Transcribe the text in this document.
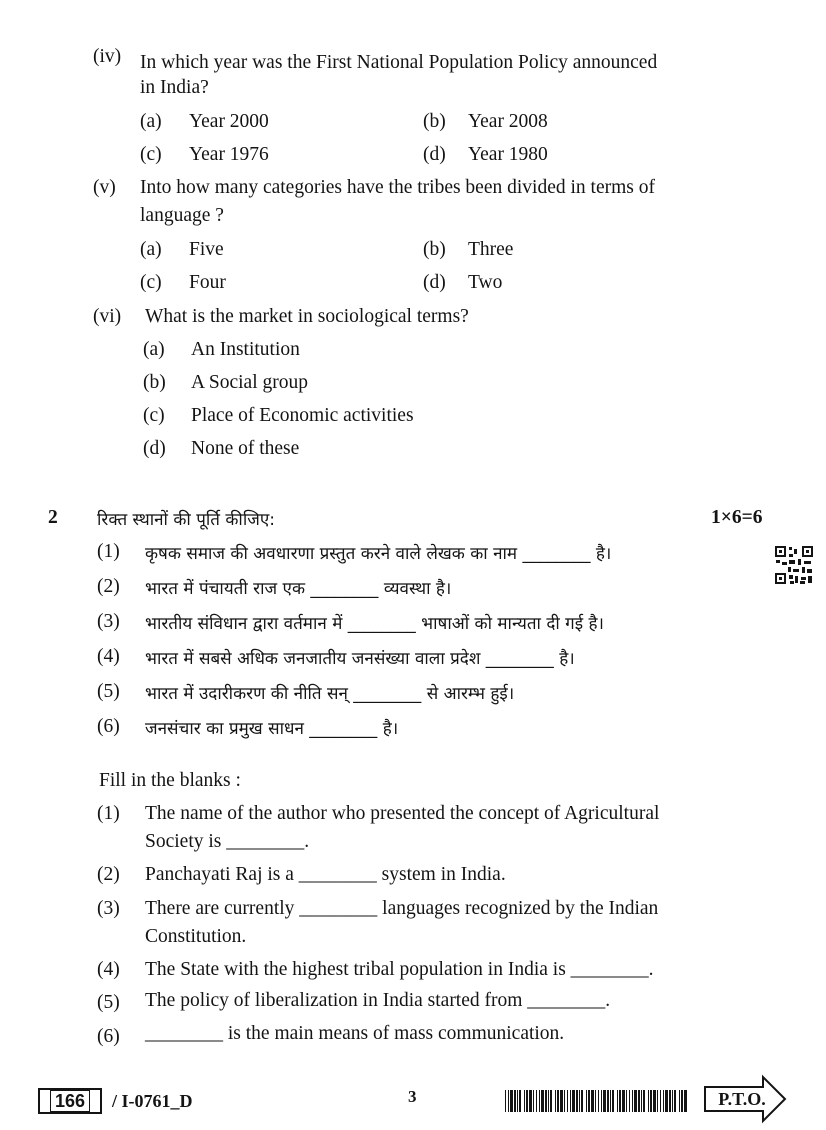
(iv) In which year was the First National Population Policy announced
in India?
(a) Year 2000	(b) Year 2008
(c) Year 1976	(d) Year 1980
(v) Into how many categories have the tribes been divided in terms of
language ?
(a) Five	(b) Three
(c) Four	(d) Two
(vi) What is the market in sociological terms?
(a) An Institution
(b) A Social group
(c) Place of Economic activities
(d) None of these
2 रिक्त स्थानों की पूर्ति कीजिए:	1×6=6
(1) कृषक समाज की अवधारणा प्रस्तुत करने वाले लेखक का नाम ________ है।
(2) भारत में पंचायती राज एक ________ व्यवस्था है।
(3) भारतीय संविधान द्वारा वर्तमान में ________ भाषाओं को मान्यता दी गई है।
(4) भारत में सबसे अधिक जनजातीय जनसंख्या वाला प्रदेश ________ है।
(5) भारत में उदारीकरण की नीति सन् ________ से आरम्भ हुई।
(6) जनसंचार का प्रमुख साधन ________ है।
Fill in the blanks :
(1) The name of the author who presented the concept of Agricultural
Society is ________.
(2) Panchayati Raj is a ________ system in India.
(3) There are currently ________ languages recognized by the Indian
Constitution.
(4) The State with the highest tribal population in India is ________.
(5) The policy of liberalization in India started from ________.
(6) ________ is the main means of mass communication.
166 / I-0761_D	3	P.T.O.
